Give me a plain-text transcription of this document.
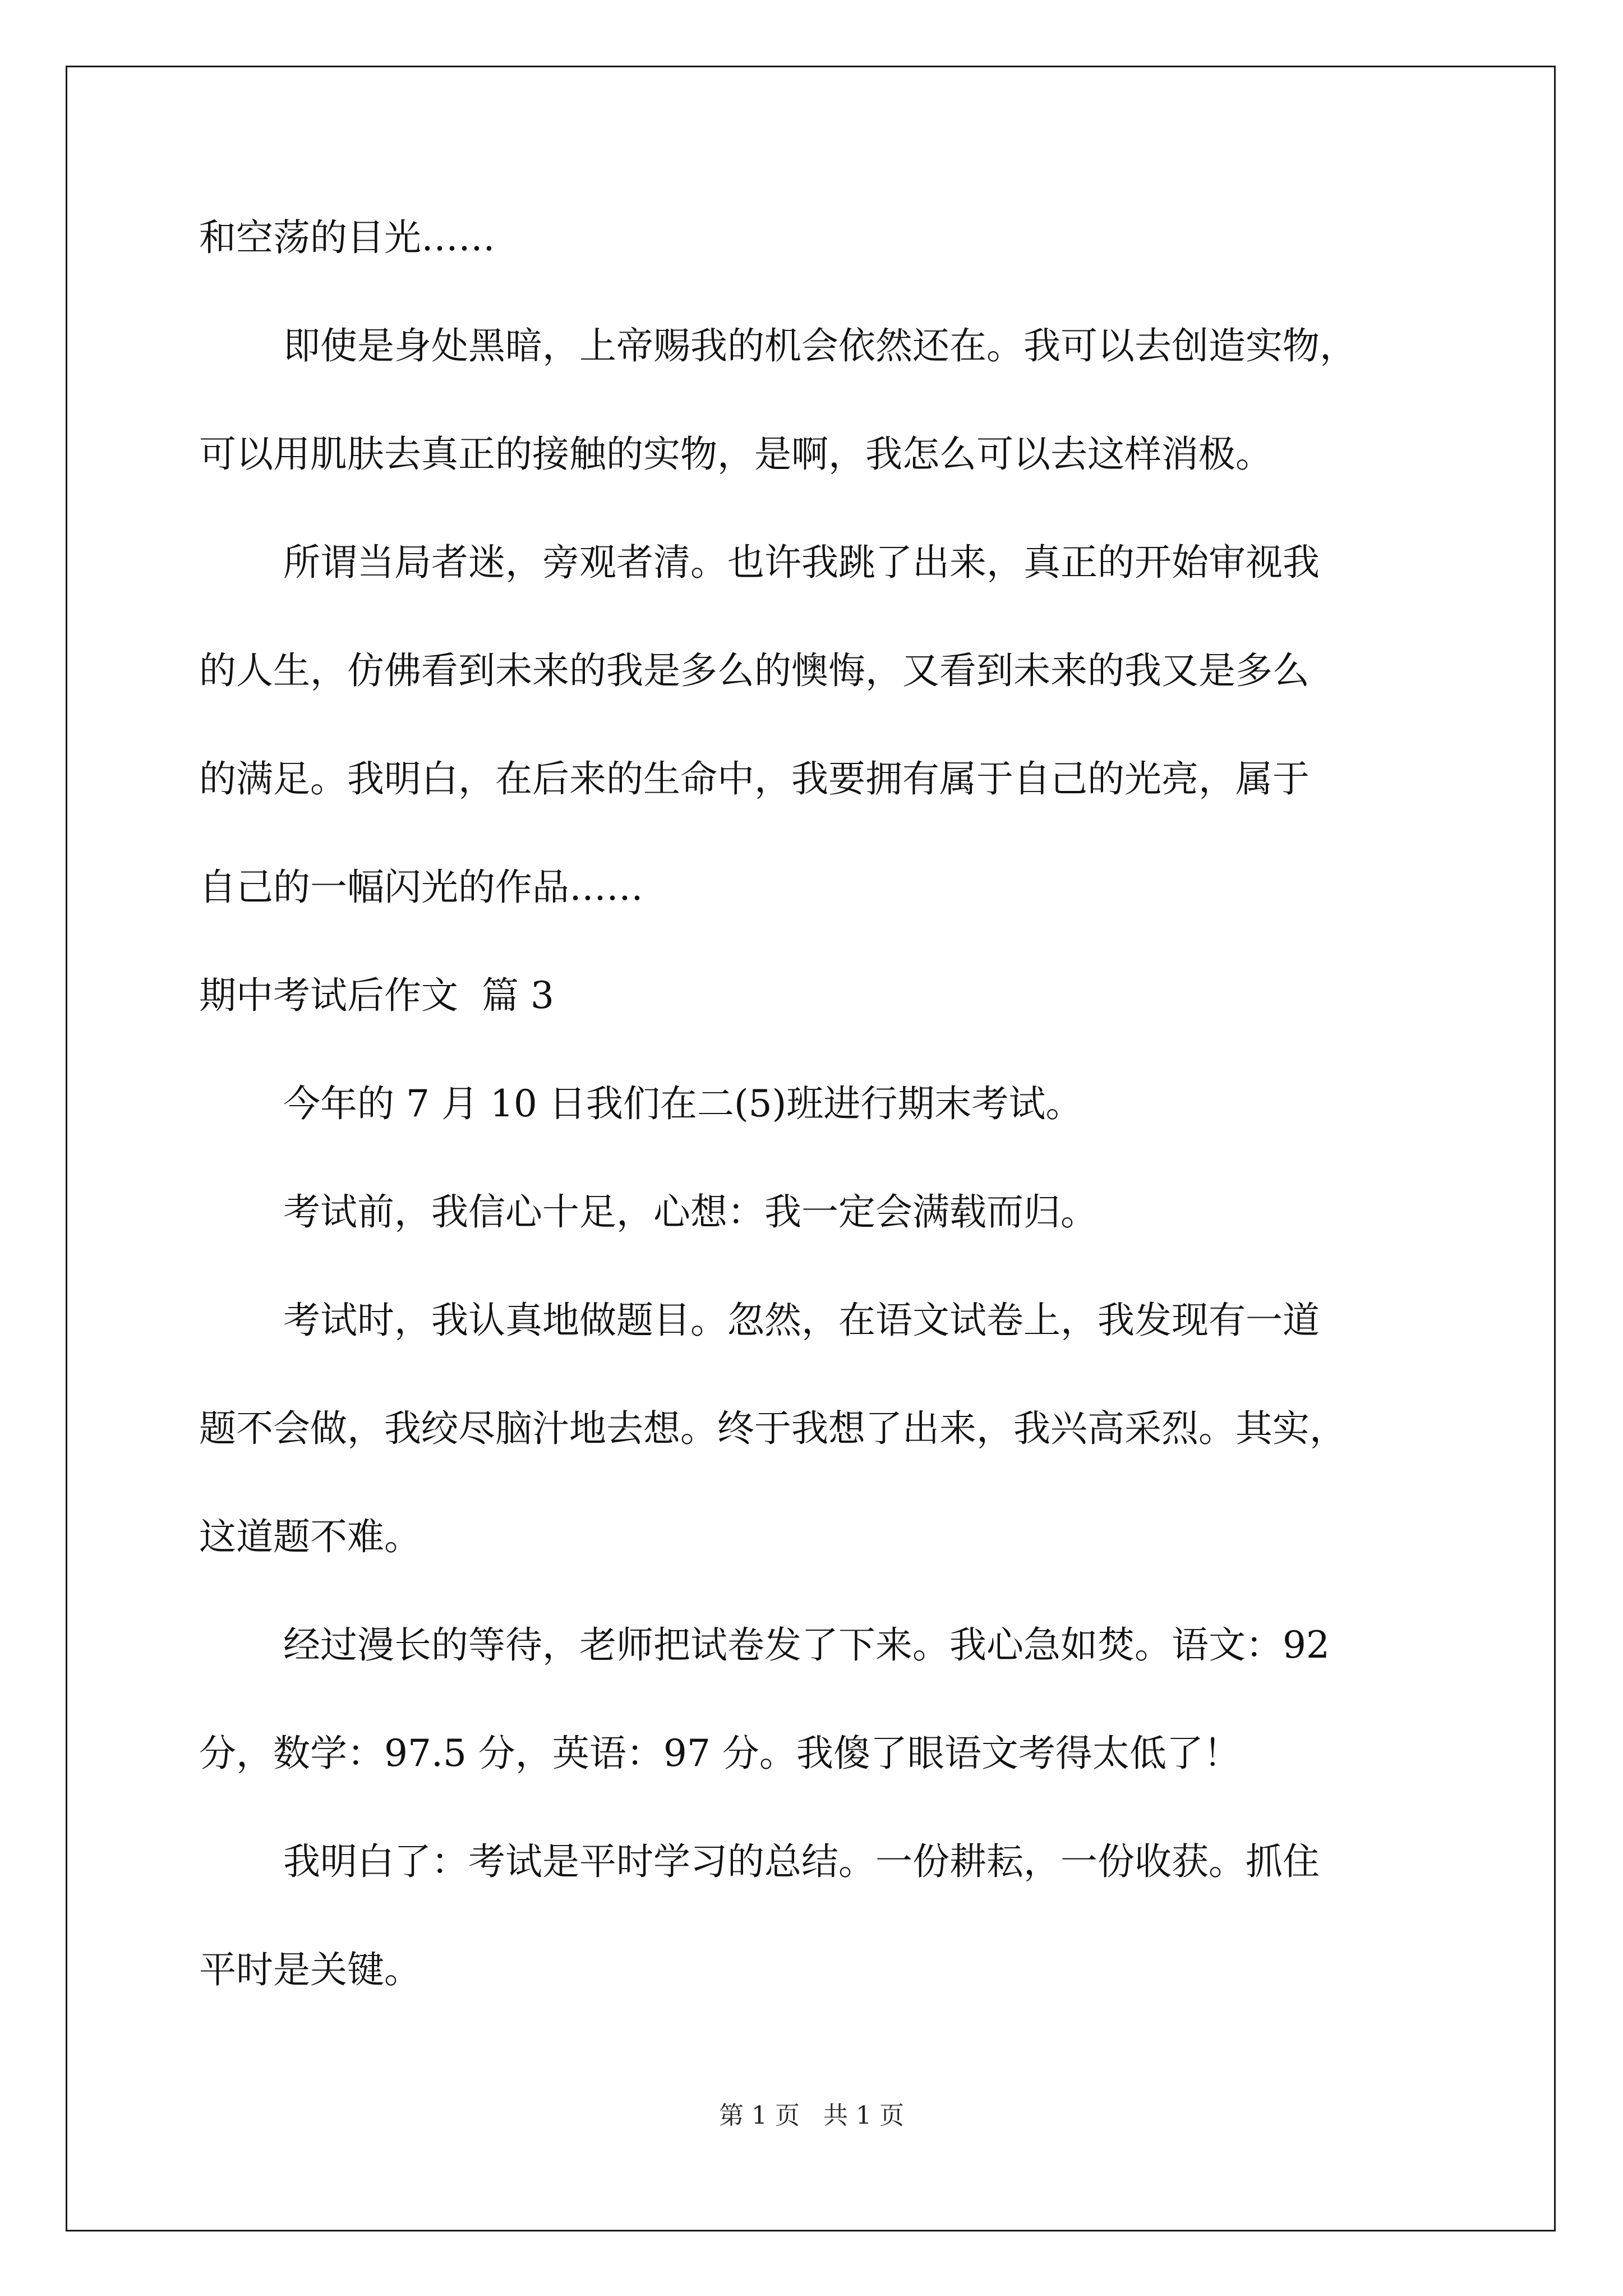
和空荡的目光……
即使是身处黑暗，上帝赐我的机会依然还在。我可以去创造实物，
可以用肌肤去真正的接触的实物，是啊，我怎么可以去这样消极。
所谓当局者迷，旁观者清。也许我跳了出来，真正的开始审视我
的人生，仿佛看到未来的我是多么的懊悔，又看到未来的我又是多么
的满足。我明白，在后来的生命中，我要拥有属于自己的光亮，属于
自己的一幅闪光的作品……
期中考试后作文  篇 3
今年的 7 月 10 日我们在二(5)班进行期末考试。
考试前，我信心十足，心想：我一定会满载而归。
考试时，我认真地做题目。忽然，在语文试卷上，我发现有一道
题不会做，我绞尽脑汁地去想。终于我想了出来，我兴高采烈。其实，
这道题不难。
经过漫长的等待，老师把试卷发了下来。我心急如焚。语文：92
分，数学：97.5 分，英语：97 分。我傻了眼语文考得太低了！
我明白了：考试是平时学习的总结。一份耕耘，一份收获。抓住
平时是关键。
第 1 页   共 1 页
